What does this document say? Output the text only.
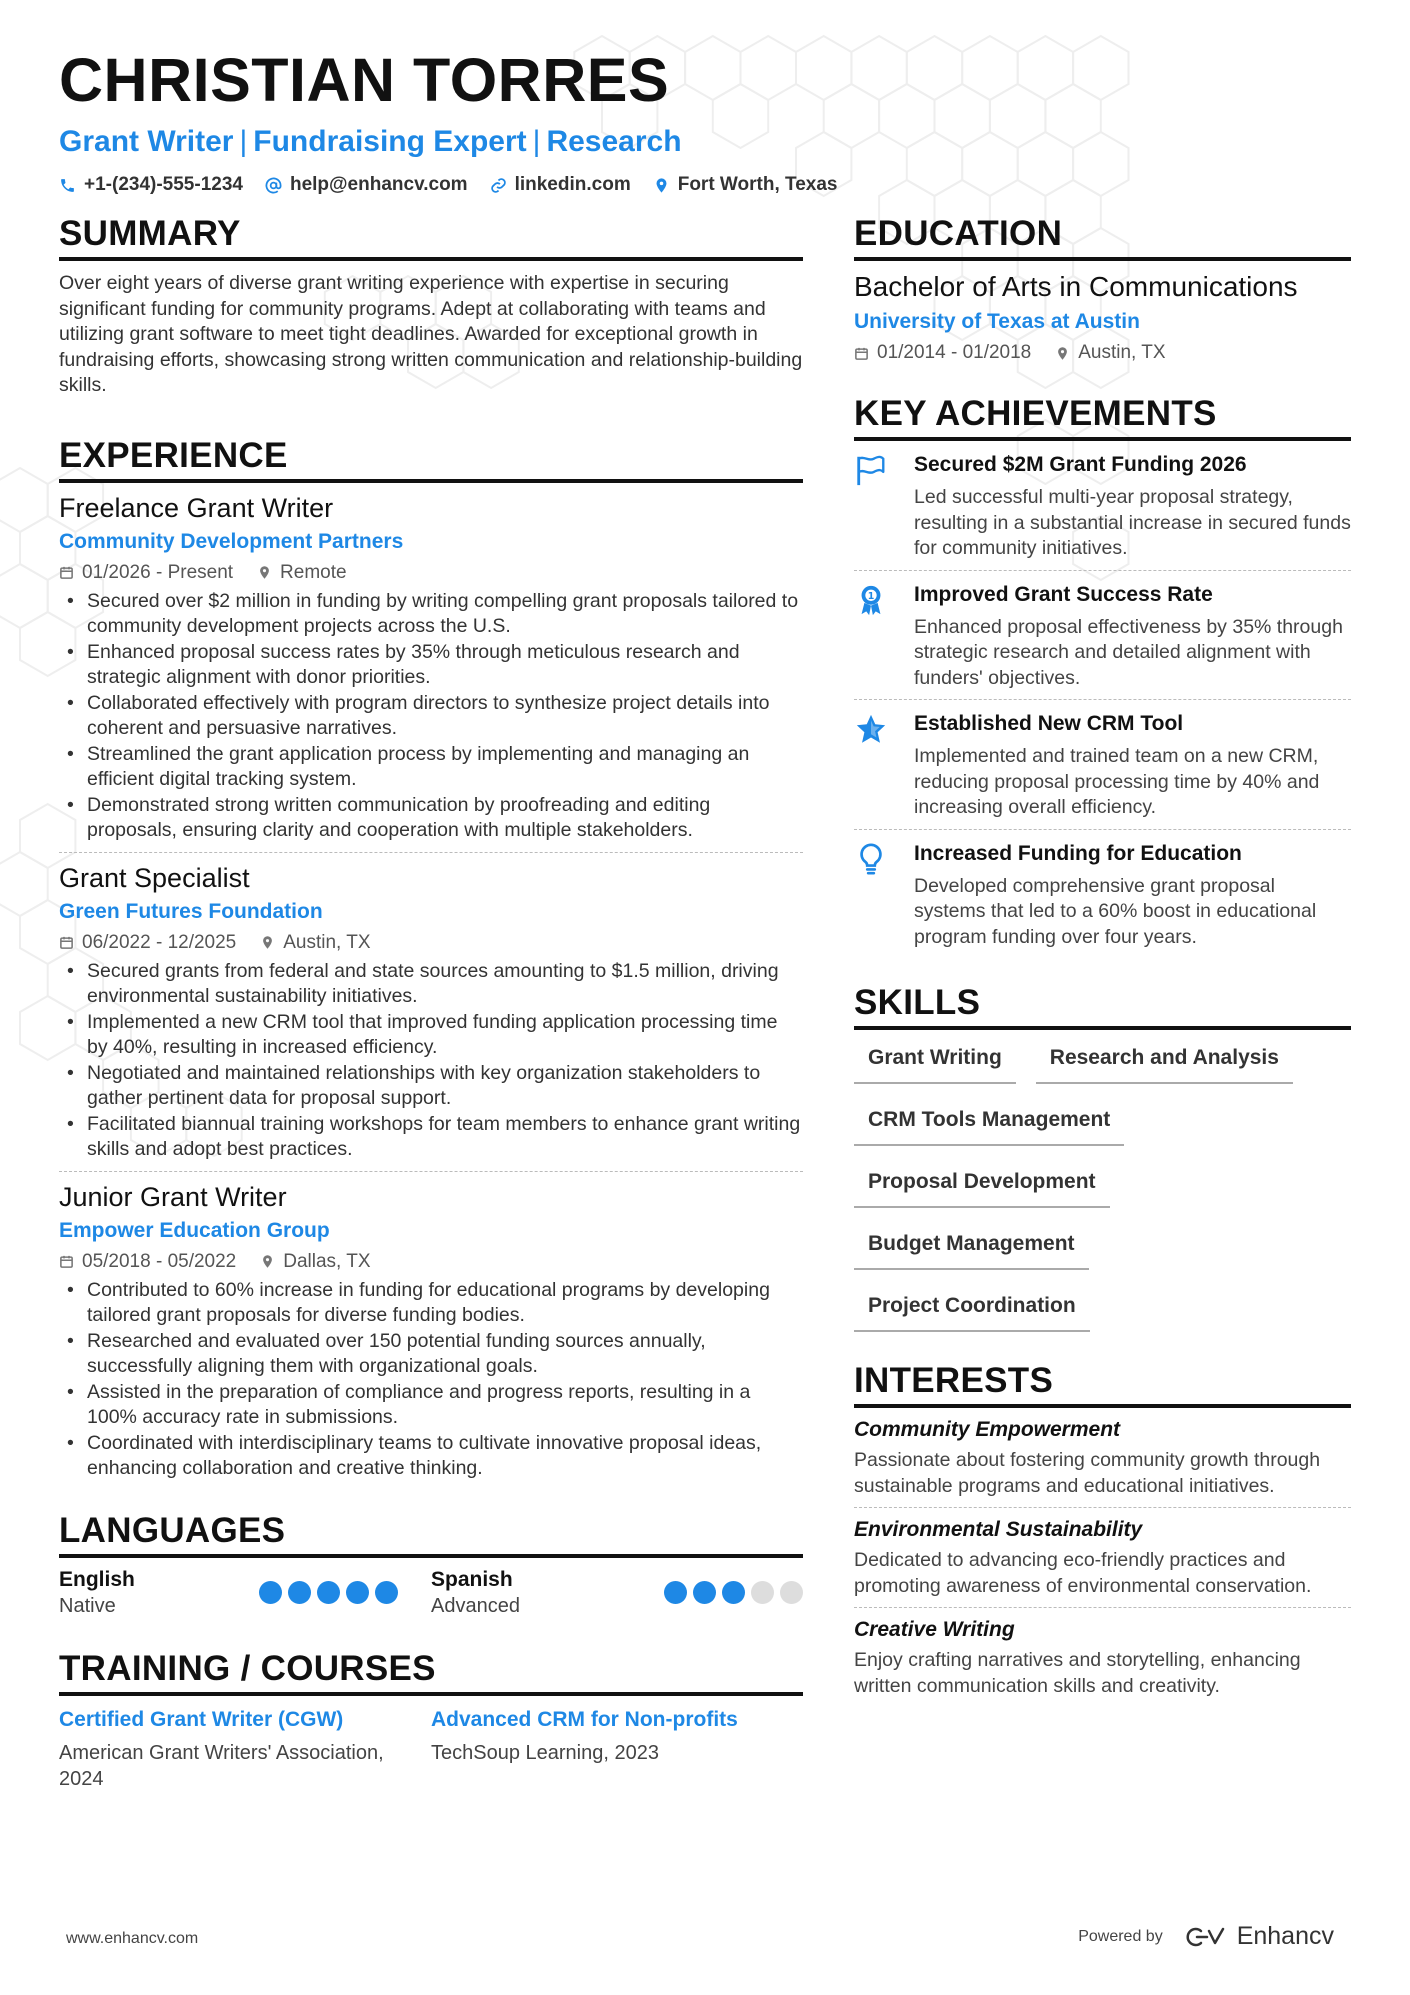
CHRISTIAN TORRES
Grant Writer | Fundraising Expert | Research
+1-(234)-555-1234 help@enhancv.com linkedin.com Fort Worth, Texas
SUMMARY
Over eight years of diverse grant writing experience with expertise in securing significant funding for community programs. Adept at collaborating with teams and utilizing grant software to meet tight deadlines. Awarded for exceptional growth in fundraising efforts, showcasing strong written communication and relationship-building skills.
EXPERIENCE
Freelance Grant Writer
Community Development Partners
01/2026 - Present Remote
• Secured over $2 million in funding by writing compelling grant proposals tailored to community development projects across the U.S.
• Enhanced proposal success rates by 35% through meticulous research and strategic alignment with donor priorities.
• Collaborated effectively with program directors to synthesize project details into coherent and persuasive narratives.
• Streamlined the grant application process by implementing and managing an efficient digital tracking system.
• Demonstrated strong written communication by proofreading and editing proposals, ensuring clarity and cooperation with multiple stakeholders.
Grant Specialist
Green Futures Foundation
06/2022 - 12/2025 Austin, TX
• Secured grants from federal and state sources amounting to $1.5 million, driving environmental sustainability initiatives.
• Implemented a new CRM tool that improved funding application processing time by 40%, resulting in increased efficiency.
• Negotiated and maintained relationships with key organization stakeholders to gather pertinent data for proposal support.
• Facilitated biannual training workshops for team members to enhance grant writing skills and adopt best practices.
Junior Grant Writer
Empower Education Group
05/2018 - 05/2022 Dallas, TX
• Contributed to 60% increase in funding for educational programs by developing tailored grant proposals for diverse funding bodies.
• Researched and evaluated over 150 potential funding sources annually, successfully aligning them with organizational goals.
• Assisted in the preparation of compliance and progress reports, resulting in a 100% accuracy rate in submissions.
• Coordinated with interdisciplinary teams to cultivate innovative proposal ideas, enhancing collaboration and creative thinking.
LANGUAGES
English
Native
Spanish
Advanced
TRAINING / COURSES
Certified Grant Writer (CGW)
American Grant Writers' Association, 2024
Advanced CRM for Non-profits
TechSoup Learning, 2023
EDUCATION
Bachelor of Arts in Communications
University of Texas at Austin
01/2014 - 01/2018 Austin, TX
KEY ACHIEVEMENTS
Secured $2M Grant Funding 2026
Led successful multi-year proposal strategy, resulting in a substantial increase in secured funds for community initiatives.
1 Improved Grant Success Rate
Enhanced proposal effectiveness by 35% through strategic research and detailed alignment with funders' objectives.
Established New CRM Tool
Implemented and trained team on a new CRM, reducing proposal processing time by 40% and increasing overall efficiency.
Increased Funding for Education
Developed comprehensive grant proposal systems that led to a 60% boost in educational program funding over four years.
SKILLS
Grant Writing	Research and Analysis
CRM Tools Management
Proposal Development
Budget Management
Project Coordination
INTERESTS
Community Empowerment
Passionate about fostering community growth through sustainable programs and educational initiatives.
Environmental Sustainability
Dedicated to advancing eco-friendly practices and promoting awareness of environmental conservation.
Creative Writing
Enjoy crafting narratives and storytelling, enhancing written communication skills and creativity.
www.enhancv.com	Powered by	Enhancv
